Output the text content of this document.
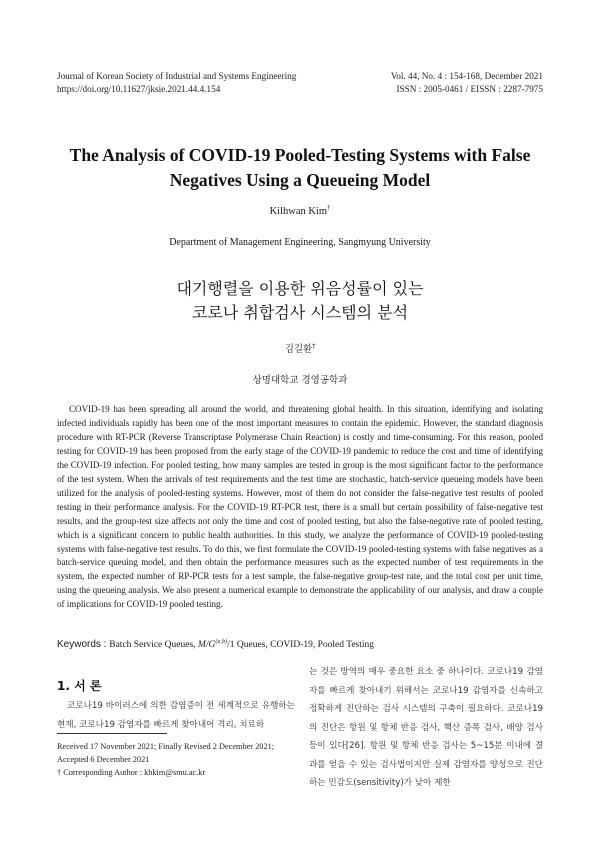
Journal of Korean Society of Industrial and Systems Engineering
https://doi.org/10.11627/jksie.2021.44.4.154
Vol. 44, No. 4 : 154-168, December 2021
ISSN : 2005-0461 / EISSN : 2287-7975
The Analysis of COVID-19 Pooled-Testing Systems with False
Negatives Using a Queueing Model
Kilhwan Kim†
Department of Management Engineering, Sangmyung University
대기행렬을 이용한 위음성률이 있는
코로나 취합검사 시스템의 분석
김길환†
상명대학교 경영공학과

COVID-19 has been spreading all around the world, and threatening global health. In this situation, identifying and isolating infected individuals rapidly has been one of the most important measures to contain the epidemic. However, the standard diagnosis procedure with RT-PCR (Reverse Transcriptase Polymerase Chain Reaction) is costly and time-consuming. For this reason, pooled testing for COVID-19 has been proposed from the early stage of the COVID-19 pandemic to reduce the cost and time of identifying the COVID-19 infection. For pooled testing, how many samples are tested in group is the most significant factor to the performance of the test system. When the arrivals of test requirements and the test time are stochastic, batch-service queueing models have been utilized for the analysis of pooled-testing systems. However, most of them do not consider the false-negative test results of pooled testing in their performance analysis. For the COVID-19 RT-PCR test, there is a small but certain possibility of false-negative test results, and the group-test size affects not only the time and cost of pooled testing, but also the false-negative rate of pooled testing, which is a significant concern to public health authorities. In this study, we analyze the performance of COVID-19 pooled-testing systems with false-negative test results. To do this, we first formulate the COVID-19 pooled-testing systems with false negatives as a batch-service queuing model, and then obtain the performance measures such as the expected number of test requirements in the system, the expected number of RP-PCR tests for a test sample, the false-negative group-test rate, and the total cost per unit time, using the queueing analysis. We also present a numerical example to demonstrate the applicability of our analysis, and draw a couple of implications for COVID-19 pooled testing.

Keywords : Batch Service Queues, $M/G^{(a,b)}/1$ Queues, COVID-19, Pooled Testing
1. 서 론

코로나19 바이러스에 의한 감염증이 전 세계적으로 유행하는 현재, 코로나19 감염자를 빠르게 찾아내어 격리, 치료하

Received 17 November 2021; Finally Revised 2 December 2021;
Accepted 6 December 2021
† Corresponding Author : khkim@smu.ac.kr

는 것은 방역의 매우 중요한 요소 중 하나이다. 코로나19 감염자를 빠르게 찾아내기 위해서는 코로나19 감염자를 신속하고 정확하게 진단하는 검사 시스템의 구축이 필요하다. 코로나19의 진단은 항원 및 항체 반응 검사, 핵산 증폭 검사, 배양 검사 등이 있다[26]. 항원 및 항체 반응 검사는 5~15분 이내에 결과를 얻을 수 있는 검사법이지만 실제 감염자를 양성으로 진단하는 민감도(sensitivity)가 낮아 제한
